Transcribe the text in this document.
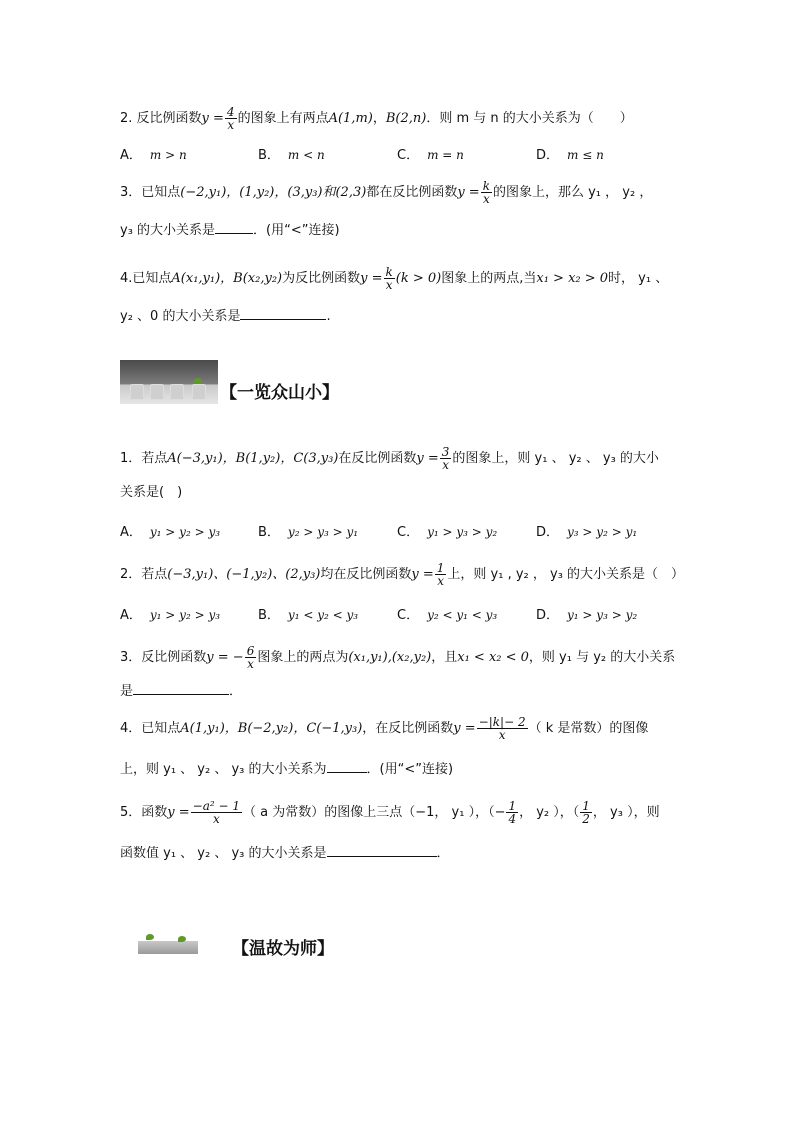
2. 反比例函数$y = \frac{4}{x}$ 的图象上有两点A(1,m)，B(2,n)．则 m 与 n 的大小关系为（　　）
A． m > n	B． m < n	C． m = n	D． m ≤ n
3．已知点(−2,y₁)，(1,y₂)，(3,y₃)和(2,3)都在反比例函数$y = \frac{k}{x}$ 的图象上，那么 y₁ ， y₂ ，
y₃ 的大小关系是	．(用“<”连接)
4.已知点A(x₁,y₁)，B(x₂,y₂)为反比例函数$y = \frac{k}{x} (k > 0)$图象上的两点,当x₁ > x₂ > 0时， y₁ 、
y₂ 、0 的大小关系是	.
【一览众山小】
1．若点A(−3,y₁)，B(1,y₂)，C(3,y₃)在反比例函数$y = \frac{3}{x}$ 的图象上，则 y₁ 、 y₂ 、 y₃ 的大小
关系是(　)
A． y₁ > y₂ > y₃	B． y₂ > y₃ > y₁	C． y₁ > y₃ > y₂	D． y₃ > y₂ > y₁
2．若点(−3,y₁)、(−1,y₂)、(2,y₃)均在反比例函数$y = \frac{1}{x}$ 上，则 y₁ , y₂ ， y₃ 的大小关系是（　）
A． y₁ > y₂ > y₃	B． y₁ < y₂ < y₃	C． y₂ < y₁ < y₃	D． y₁ > y₃ > y₂
3．反比例函数y = − $\frac{6}{x}$ 图象上的两点为(x₁,y₁),(x₂,y₂)，且x₁ < x₂ < 0，则 y₁ 与 y₂ 的大小关系
是	．
4．已知点A(1,y₁)，B(−2,y₂)，C(−1,y₃)，在反比例函数$y = \frac{-|k|- 2}{x}$ （ k 是常数）的图像
上，则 y₁ 、 y₂ 、 y₃ 的大小关系为	．(用“<”连接)
5．函数$y = \frac{\text{−a² − 1}}{x}$ （ a 为常数）的图像上三点（−1， y₁ ），（− $\frac{1}{4}$ ， y₂ ），（ $\frac{1}{2}$ ， y₃ ），则
函数值 y₁ 、 y₂ 、 y₃ 的大小关系是	．
【温故为师】
